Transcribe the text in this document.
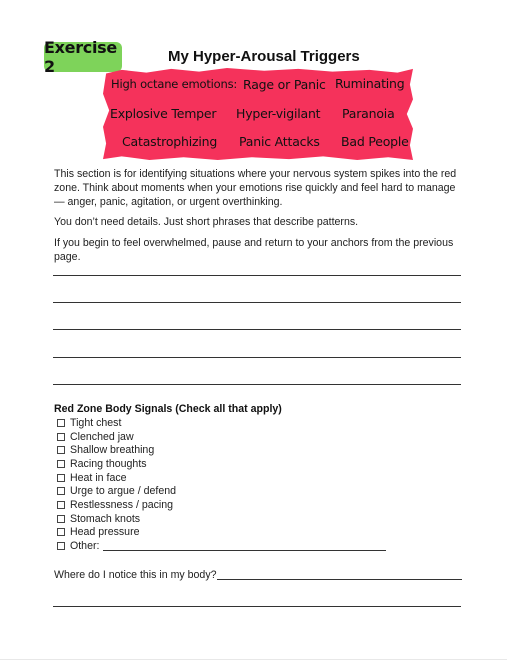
Exercise 2
My Hyper-Arousal Triggers
High octane emotions: Rage or Panic Ruminating
Explosive Temper Hyper-vigilant Paranoia
Catastrophizing Panic Attacks Bad People

This section is for identifying situations where your nervous system spikes into the red zone. Think about moments when your emotions rise quickly and feel hard to manage — anger, panic, agitation, or urgent overthinking.

You don’t need details. Just short phrases that describe patterns.

If you begin to feel overwhelmed, pause and return to your anchors from the previous page.

Red Zone Body Signals (Check all that apply)
Tight chest
Clenched jaw
Shallow breathing
Racing thoughts
Heat in face
Urge to argue / defend
Restlessness / pacing
Stomach knots
Head pressure
Other:
Where do I notice this in my body?
